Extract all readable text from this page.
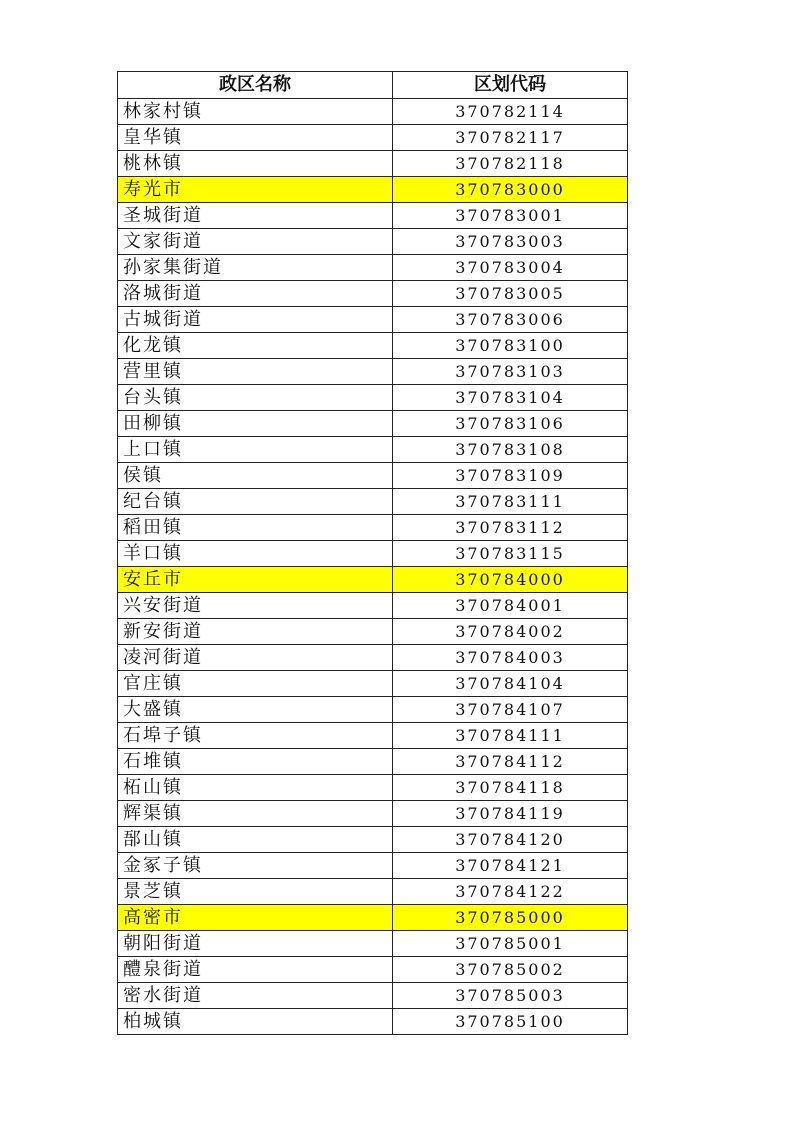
政区名称	区划代码
林家村镇	370782114
皇华镇	370782117
桃林镇	370782118
寿光市	370783000
圣城街道	370783001
文家街道	370783003
孙家集街道	370783004
洛城街道	370783005
古城街道	370783006
化龙镇	370783100
营里镇	370783103
台头镇	370783104
田柳镇	370783106
上口镇	370783108
侯镇	370783109
纪台镇	370783111
稻田镇	370783112
羊口镇	370783115
安丘市	370784000
兴安街道	370784001
新安街道	370784002
凌河街道	370784003
官庄镇	370784104
大盛镇	370784107
石埠子镇	370784111
石堆镇	370784112
柘山镇	370784118
辉渠镇	370784119
郚山镇	370784120
金冢子镇	370784121
景芝镇	370784122
高密市	370785000
朝阳街道	370785001
醴泉街道	370785002
密水街道	370785003
柏城镇	370785100
